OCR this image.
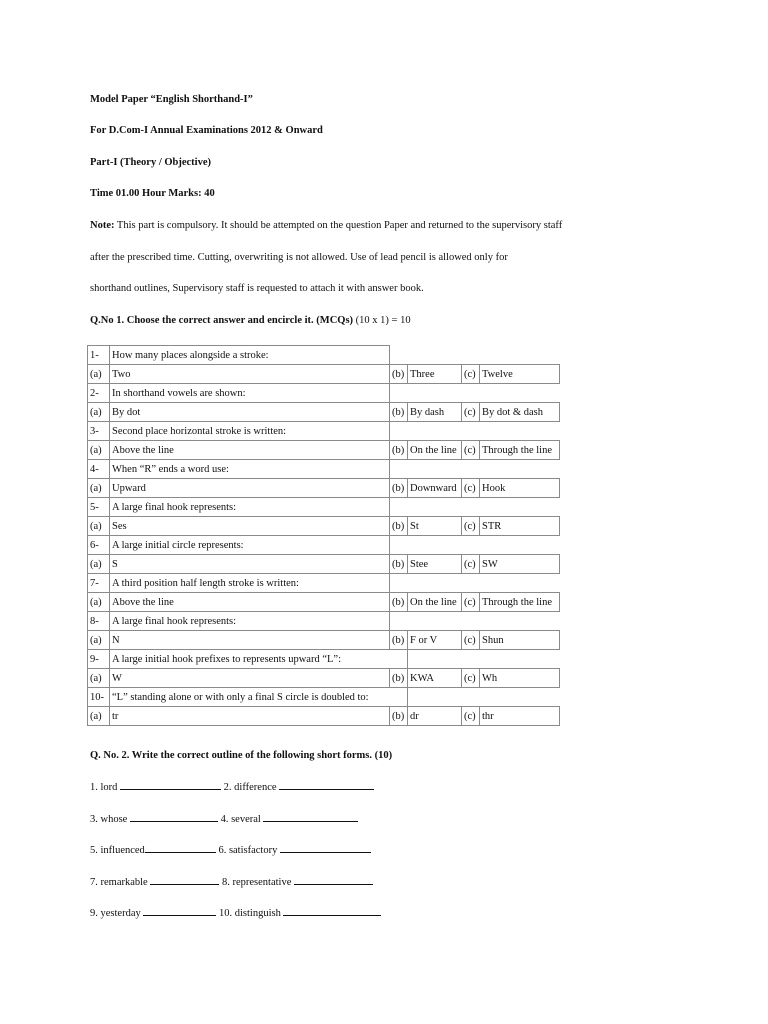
Model Paper “English Shorthand-I”
For D.Com-I Annual Examinations 2012 & Onward
Part-I (Theory / Objective)
Time 01.00 Hour Marks: 40
Note: This part is compulsory. It should be attempted on the question Paper and returned to the supervisory staff
after the prescribed time. Cutting, overwriting is not allowed. Use of lead pencil is allowed only for
shorthand outlines, Supervisory staff is requested to attach it with answer book.
Q.No 1. Choose the correct answer and encircle it. (MCQs) (10 x 1) = 10
1-	How many places alongside a stroke:				
(a)	Two	(b)	Three	(c)	Twelve
2-	In shorthand vowels are shown:				
(a)	By dot	(b)	By dash	(c)	By dot & dash
3-	Second place horizontal stroke is written:				
(a)	Above the line	(b)	On the line	(c)	Through the line
4-	When “R” ends a word use:				
(a)	Upward	(b)	Downward	(c)	Hook
5-	A large final hook represents:				
(a)	Ses	(b)	St	(c)	STR
6-	A large initial circle represents:				
(a)	S	(b)	Stee	(c)	SW
7-	A third position half length stroke is written:				
(a)	Above the line	(b)	On the line	(c)	Through the line
8-	A large final hook represents:				
(a)	N	(b)	F or V	(c)	Shun
9-	A large initial hook prefixes to represents upward “L”:				
(a)	W	(b)	KWA	(c)	Wh
10-	“L” standing alone or with only a final S circle is doubled to:				
(a)	tr	(b)	dr	(c)	thr
Q. No. 2. Write the correct outline of the following short forms. (10)
1. lord	2. difference
3. whose	4. several
5. influenced	6. satisfactory
7. remarkable	8. representative
9. yesterday	10. distinguish
